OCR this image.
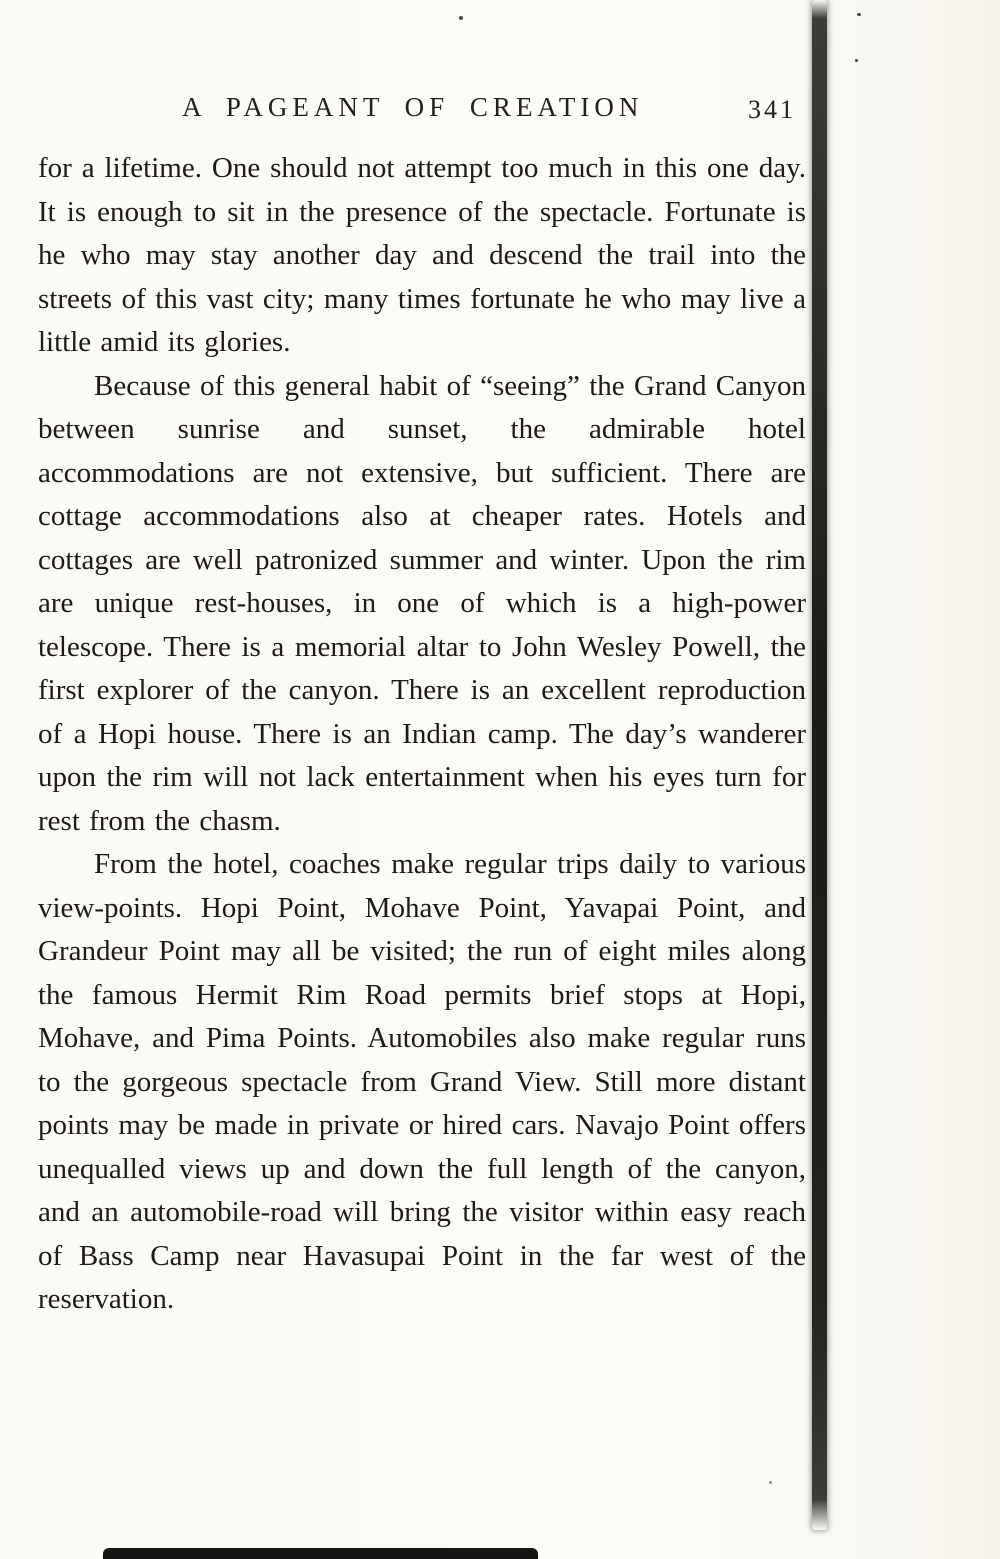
A PAGEANT OF CREATION	341

for a lifetime. One should not attempt too much in this one day. It is enough to sit in the presence of the spectacle. Fortunate is he who may stay another day and descend the trail into the streets of this vast city; many times fortunate he who may live a little amid its glories.

Because of this general habit of “seeing” the Grand Canyon between sunrise and sunset, the admirable hotel accommodations are not extensive, but sufficient. There are cottage accommodations also at cheaper rates. Hotels and cottages are well patronized summer and winter. Upon the rim are unique rest-houses, in one of which is a high-power telescope. There is a memorial altar to John Wesley Powell, the first explorer of the canyon. There is an excellent reproduction of a Hopi house. There is an Indian camp. The day’s wanderer upon the rim will not lack entertainment when his eyes turn for rest from the chasm.

From the hotel, coaches make regular trips daily to various view-points. Hopi Point, Mohave Point, Yavapai Point, and Grandeur Point may all be visited; the run of eight miles along the famous Hermit Rim Road permits brief stops at Hopi, Mohave, and Pima Points. Automobiles also make regular runs to the gorgeous spectacle from Grand View. Still more distant points may be made in private or hired cars. Navajo Point offers unequalled views up and down the full length of the canyon, and an automobile-road will bring the visitor within easy reach of Bass Camp near Havasupai Point in the far west of the reservation.
